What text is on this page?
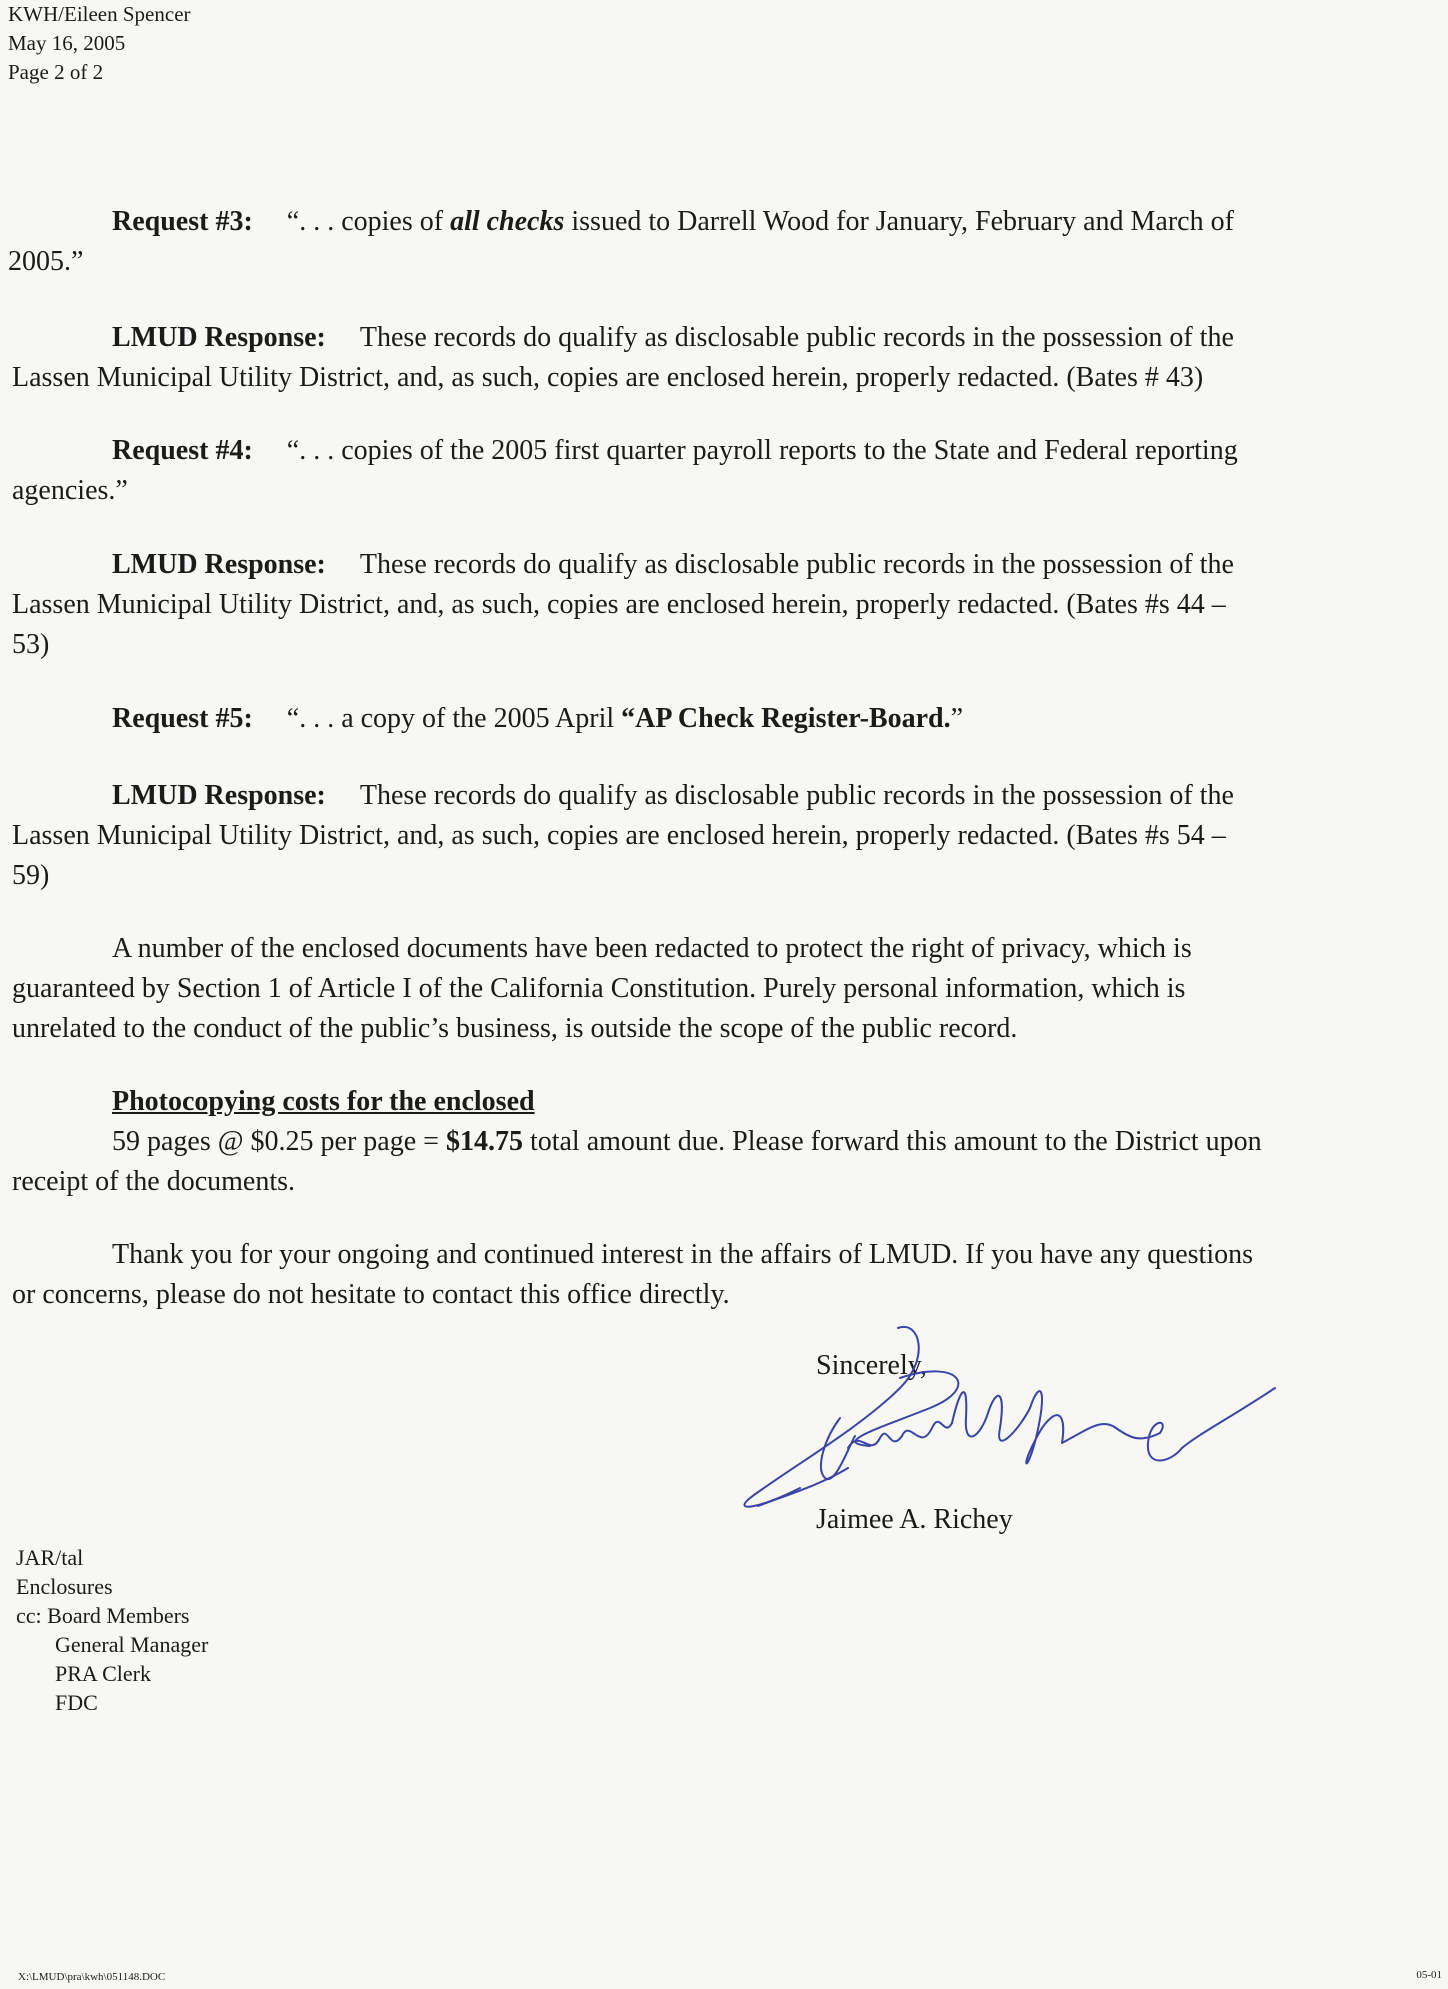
KWH/Eileen Spencer
May 16, 2005
Page 2 of 2
Request #3: “. . . copies of all checks issued to Darrell Wood for January, February and March of
2005.”
LMUD Response: These records do qualify as disclosable public records in the possession of the
Lassen Municipal Utility District, and, as such, copies are enclosed herein, properly redacted. (Bates # 43)
Request #4: “. . . copies of the 2005 first quarter payroll reports to the State and Federal reporting
agencies.”
LMUD Response: These records do qualify as disclosable public records in the possession of the
Lassen Municipal Utility District, and, as such, copies are enclosed herein, properly redacted. (Bates #s 44 –
53)
Request #5: “. . . a copy of the 2005 April “AP Check Register-Board.”
LMUD Response: These records do qualify as disclosable public records in the possession of the
Lassen Municipal Utility District, and, as such, copies are enclosed herein, properly redacted. (Bates #s 54 –
59)
A number of the enclosed documents have been redacted to protect the right of privacy, which is
guaranteed by Section 1 of Article I of the California Constitution. Purely personal information, which is
unrelated to the conduct of the public’s business, is outside the scope of the public record.
Photocopying costs for the enclosed
59 pages @ $0.25 per page = $14.75 total amount due. Please forward this amount to the District upon
receipt of the documents.
Thank you for your ongoing and continued interest in the affairs of LMUD. If you have any questions
or concerns, please do not hesitate to contact this office directly.
Sincerely,
Jaimee A. Richey
JAR/tal
Enclosures
cc: Board Members
General Manager
PRA Clerk
FDC
X:\LMUD\pra\kwh\051148.DOC	05-01
